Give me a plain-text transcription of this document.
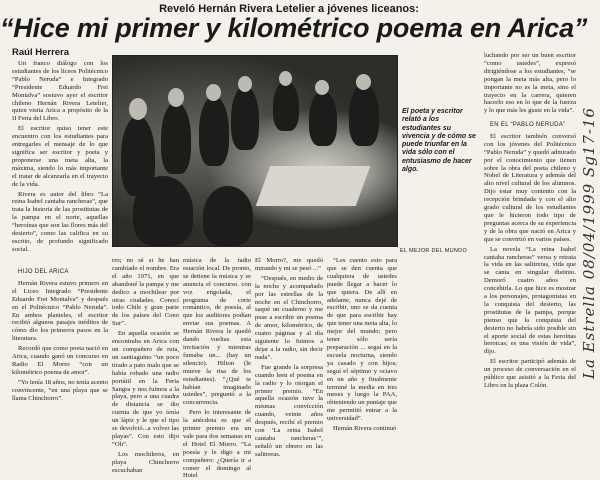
Reveló Hernán Rivera Letelier a jóvenes liceanos:
“Hice mi primer y kilométrico poema en Arica”
Raúl Herrera

Un franco diálogo con los estudiantes de los liceos Politécnico “Pablo Neruda” e Integrado “Presidente Eduardo Frei Montalva” sostuvo ayer el escritor chileno Hernán Rivera Letelier, quien visita Arica a propósito de la II Feria del Libro.

El escritor quiso tener este encuentro con los estudiantes para entregarles el mensaje de lo que significa ser escritor y poeta y proponerse una meta alta, la máxima, siendo lo más importante el tratar de alcanzarla en el trayecto de la vida.

Rivera es autor del libro “La reina Isabel cantaba rancheras”, que trata la historia de las prostitutas de la pampa en el norte, aquellas “heroínas que son las flores más del desierto”, como las califica en su escrito, de profundo significado social.

HIJO DEL ARICA

Hernán Rivera estuvo primero en el Liceo Integrado “Presidente Eduardo Frei Montalva” y después en el Politécnico “Pablo Neruda”. En ambos planteles, el escritor recibió algunos pasajes inéditos de cómo dio los primeros pasos en la literatura.

Recordó que como poeta nació en Arica, cuando ganó un concurso en Radio El Morro “con un kilométrico poema de amor”.

“Yo tenía 18 años, no tenía acento convincente, “en una playa que se llama Chinchorro”.

EL MEJOR DEL MUNDO
El poeta y escritor relató a los estudiantes su vivencia y de cómo se puede triunfar en la vida sólo con el entusiasmo de hacer algo.

rro; no sé si he han cambiado el nombre. Era el año 1971, en que abandoné la pampa y me dedico a mochilear por otras ciudades. Conocí todo Chile y gran parte de los países del Cono Sur”.

En aquella ocasión se encontraba en Arica con un compañero de ruta, un santiaguino “un poco tirado a pato malo que se había robado una radio portátil en la Feria Sangra y nos fuimos a la playa, pero a una cuadra de distancia se dio cuenta de que yo tenía un lápiz y le que el tipo se devolvió...a volver las playas”. Con esto dijo “Oh”.

Los mochileros, en playa Chinchorro escuchaban

música de la radio estación local. De pronto, se detiene la música y se anuncia el concurso. con voz engolada, el programa de corte romántico, de poesía, al que los auditores podían enviar sus poemas. A Hernán Rivera le quedó dando vueltas esta invitación y mientras fumaba un... (hay un silencio). Hilton (le mueve la risa de los estudiantes). “¿Qué te habían imaginado ustedes”, preguntó a la concurrencia.

Pero lo interesante de la anécdota es que el primer premio era un vale para dos semanas en el Hotel El Morro. “La poesía y le digo a mi compañero: ¿Quería ir a comer el domingo al Hotel

El Morro?, me quedó mirando y mi se pesó ...”

“Después, en medio de la noche y acompañado por las estrellas de la noche en el Chinchorro, saqué un cuaderno y me puse a escribir un poema de amor, kilométrico, de cuatro páginas y al día siguiente lo fuimos a dejar a la radio, sin decir nada”.

Fue grande la sorpresa cuando leen el poema en la radio y lo otorgan el primer premio. “En aquella ocasión tuve la mismas convicción cuando, veinte años después, recibí el premio con ‘La reina Isabel cantaba rancheras’”, señaló un obrero en las salitreras.

“Les cuento esto para que se den cuenta que cualquiera de ustedes puede llegar a hacer lo que quiera. De allí en adelante, nunca dejé de escribir, uno se da cuenta de que para escribir hay que tener una meta alta, lo mejor del mundo; pero tener sólo sería preparación ... seguí en la escuela nocturna, siendo ya casado y con hijos; seguí el séptimo y octavo en un año y finalmente terminé la media en tres meses y luego la PAA, obteniendo un puntaje que me permitió entrar a la universidad”.

Hernán Rivera continuó

luchando por ser un buen escritor “como ustedes”, expresó dirigiéndose a los estudiantes, “se pongan la meta más alta, pero lo importante no es la meta, sino el trayecto en la carrera, quieren hacerlo eso en lo que de la fuerza y lo que más les guste en la vida”.

EN EL “PABLO NERUDA”

El escritor también conversó con los jóvenes del Politécnico “Pablo Neruda” y quedó admirado por el conocimiento que tienen sobre la obra del poeta chileno y Nobel de Literatura y además del alto nivel cultural de los alumnos. Dijo estar muy contento con la recepción brindada y con el alto grado cultural de los estudiantes que le hicieron todo tipo de preguntas acerca de su experiencia y de la obra que nació en Arica y que se convirtió en varios países.

La novela “La reina Isabel cantaba rancheras” versa y retrata la vida en las salitreras, vida que se canta en singular distinto. Demoró cuatro años en concebirla. Lo que hice es mostrar a los personajes, protagonistas en la conquista del desierto, las prostitutas de la pampa, porque pienso que la conquista del desierto no habría sido posible sin el aporte social de estas heroínas heroicas; es una visión de vida”, dijo.

El escritor participó además de un proceso de conversación en el público que asistió a la Feria del Libro en la plaza Colón.

La Estrella 08/04/1999 Sg17-16
